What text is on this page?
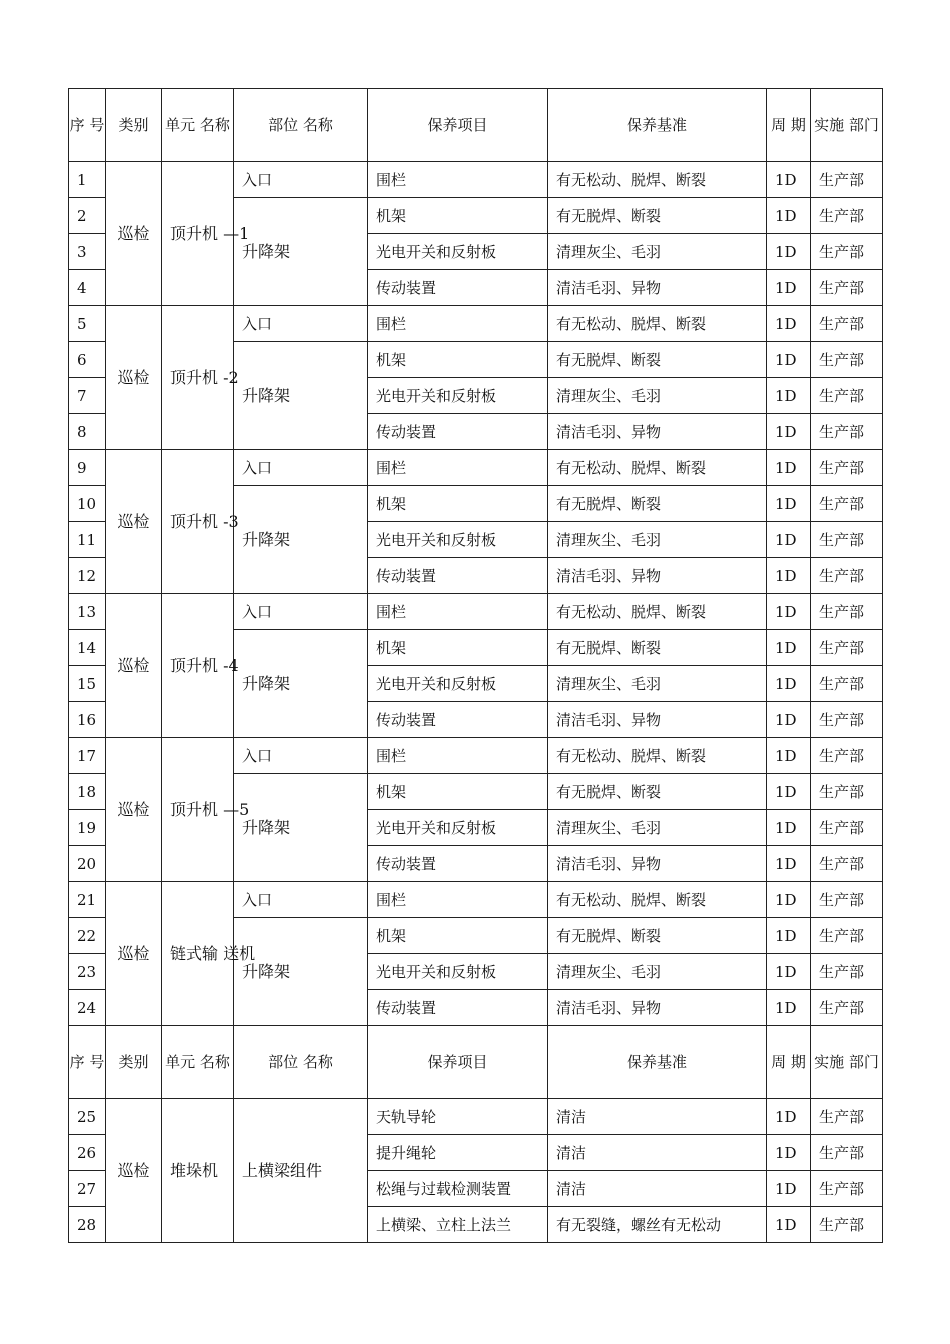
序 号	类别	单元 名称	部位 名称	保养项目	保养基准	周 期	实施 部门
1	巡检	顶升机 —1	入口	围栏	有无松动、脱焊、断裂	1D	生产部
2			升降架	机架	有无脱焊、断裂	1D	生产部
3				光电开关和反射板	清理灰尘、毛羽	1D	生产部
4				传动装置	清洁毛羽、异物	1D	生产部
5	巡检	顶升机 -2	入口	围栏	有无松动、脱焊、断裂	1D	生产部
6			升降架	机架	有无脱焊、断裂	1D	生产部
7				光电开关和反射板	清理灰尘、毛羽	1D	生产部
8				传动装置	清洁毛羽、异物	1D	生产部
9	巡检	顶升机 -3	入口	围栏	有无松动、脱焊、断裂	1D	生产部
10			升降架	机架	有无脱焊、断裂	1D	生产部
11				光电开关和反射板	清理灰尘、毛羽	1D	生产部
12				传动装置	清洁毛羽、异物	1D	生产部
13	巡检	顶升机 -4	入口	围栏	有无松动、脱焊、断裂	1D	生产部
14			升降架	机架	有无脱焊、断裂	1D	生产部
15				光电开关和反射板	清理灰尘、毛羽	1D	生产部
16				传动装置	清洁毛羽、异物	1D	生产部
17	巡检	顶升机 —5	入口	围栏	有无松动、脱焊、断裂	1D	生产部
18			升降架	机架	有无脱焊、断裂	1D	生产部
19				光电开关和反射板	清理灰尘、毛羽	1D	生产部
20				传动装置	清洁毛羽、异物	1D	生产部
21	巡检	链式输 送机	入口	围栏	有无松动、脱焊、断裂	1D	生产部
22			升降架	机架	有无脱焊、断裂	1D	生产部
23				光电开关和反射板	清理灰尘、毛羽	1D	生产部
24				传动装置	清洁毛羽、异物	1D	生产部
序 号	类别	单元 名称	部位 名称	保养项目	保养基准	周 期	实施 部门
25	巡检	堆垛机	上横梁组件	天轨导轮	清洁	1D	生产部
26				提升绳轮	清洁	1D	生产部
27				松绳与过载检测装置	清洁	1D	生产部
28				上横梁、立柱上法兰	有无裂缝，螺丝有无松动	1D	生产部
